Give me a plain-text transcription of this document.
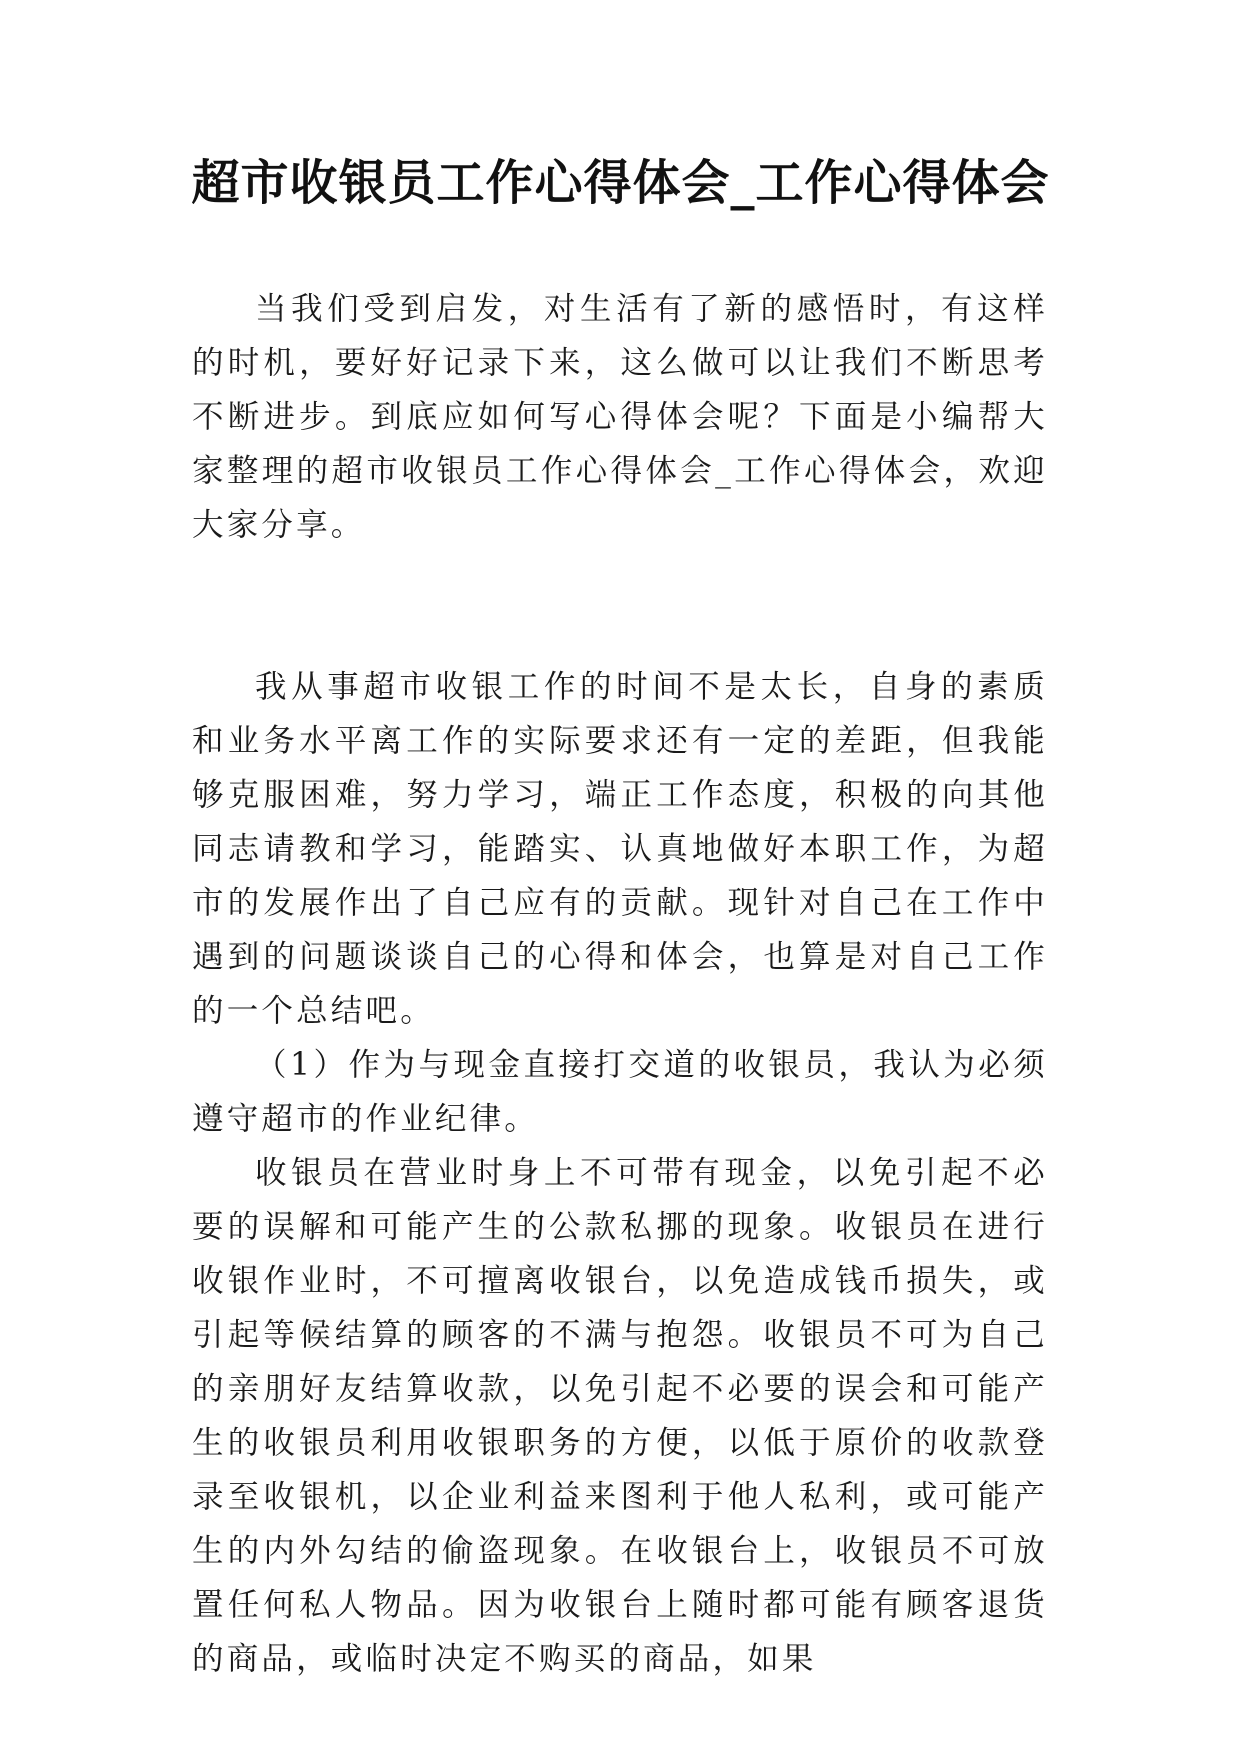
超市收银员工作心得体会_工作心得体会

当我们受到启发，对生活有了新的感悟时，有这样的时机，要好好记录下来，这么做可以让我们不断思考不断进步。到底应如何写心得体会呢？下面是小编帮大家整理的超市收银员工作心得体会_工作心得体会，欢迎大家分享。

我从事超市收银工作的时间不是太长，自身的素质和业务水平离工作的实际要求还有一定的差距，但我能够克服困难，努力学习，端正工作态度，积极的向其他同志请教和学习，能踏实、认真地做好本职工作，为超市的发展作出了自己应有的贡献。现针对自己在工作中遇到的问题谈谈自己的心得和体会，也算是对自己工作的一个总结吧。

（1）作为与现金直接打交道的收银员，我认为必须遵守超市的作业纪律。

收银员在营业时身上不可带有现金，以免引起不必要的误解和可能产生的公款私挪的现象。收银员在进行收银作业时，不可擅离收银台，以免造成钱币损失，或引起等候结算的顾客的不满与抱怨。收银员不可为自己的亲朋好友结算收款，以免引起不必要的误会和可能产生的收银员利用收银职务的方便，以低于原价的收款登录至收银机，以企业利益来图利于他人私利，或可能产生的内外勾结的偷盗现象。在收银台上，收银员不可放置任何私人物品。因为收银台上随时都可能有顾客退货的商品，或临时决定不购买的商品，如果
